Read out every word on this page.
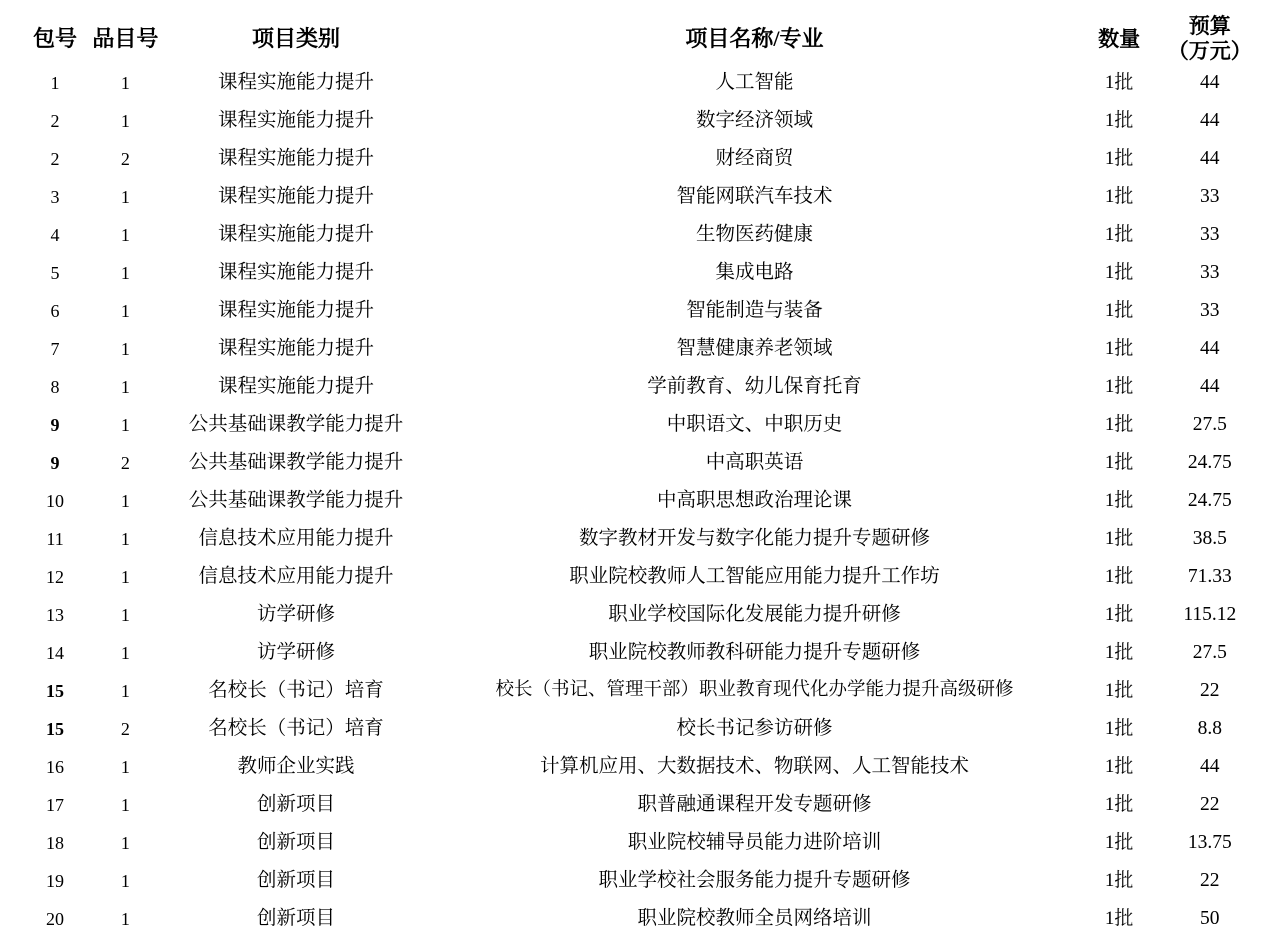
包号	品目号	项目类别	项目名称/专业	数量	预算
（万元）

1	1	课程实施能力提升	人工智能	1批	44
2	1	课程实施能力提升	数字经济领域	1批	44
2	2	课程实施能力提升	财经商贸	1批	44
3	1	课程实施能力提升	智能网联汽车技术	1批	33
4	1	课程实施能力提升	生物医药健康	1批	33
5	1	课程实施能力提升	集成电路	1批	33
6	1	课程实施能力提升	智能制造与装备	1批	33
7	1	课程实施能力提升	智慧健康养老领域	1批	44
8	1	课程实施能力提升	学前教育、幼儿保育托育	1批	44
9	1	公共基础课教学能力提升	中职语文、中职历史	1批	27.5
9	2	公共基础课教学能力提升	中高职英语	1批	24.75
10	1	公共基础课教学能力提升	中高职思想政治理论课	1批	24.75
11	1	信息技术应用能力提升	数字教材开发与数字化能力提升专题研修	1批	38.5
12	1	信息技术应用能力提升	职业院校教师人工智能应用能力提升工作坊	1批	71.33
13	1	访学研修	职业学校国际化发展能力提升研修	1批	115.12
14	1	访学研修	职业院校教师教科研能力提升专题研修	1批	27.5
15	1	名校长（书记）培育	校长（书记、管理干部）职业教育现代化办学能力提升高级研修	1批	22
15	2	名校长（书记）培育	校长书记参访研修	1批	8.8
16	1	教师企业实践	计算机应用、大数据技术、物联网、人工智能技术	1批	44
17	1	创新项目	职普融通课程开发专题研修	1批	22
18	1	创新项目	职业院校辅导员能力进阶培训	1批	13.75
19	1	创新项目	职业学校社会服务能力提升专题研修	1批	22
20	1	创新项目	职业院校教师全员网络培训	1批	50
